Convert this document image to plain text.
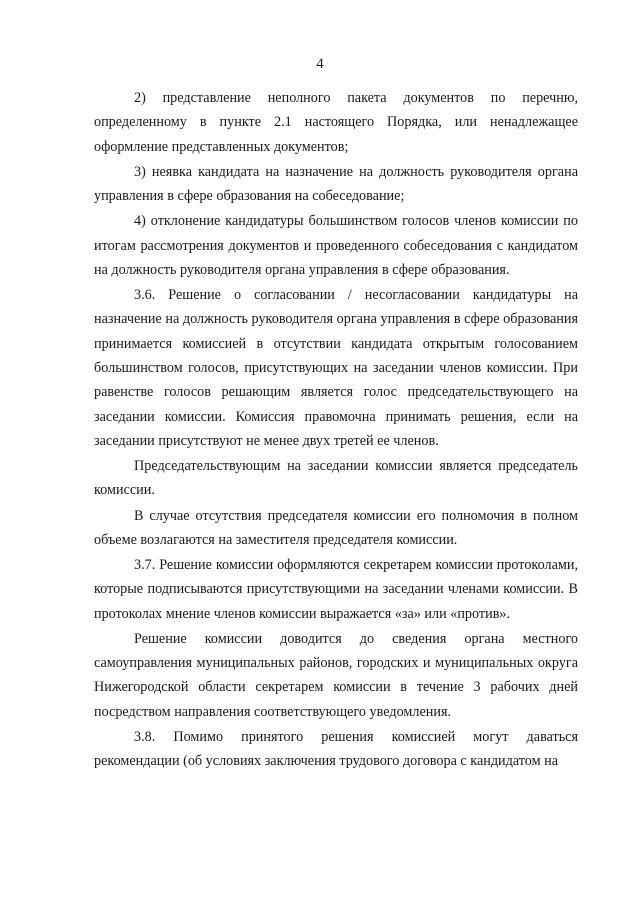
4

2) представление неполного пакета документов по перечню, определенному в пункте 2.1 настоящего Порядка, или ненадлежащее оформление представленных документов;

3) неявка кандидата на назначение на должность руководителя органа управления в сфере образования на собеседование;

4) отклонение кандидатуры большинством голосов членов комиссии по итогам рассмотрения документов и проведенного собеседования с кандидатом на должность руководителя органа управления в сфере образования.

3.6. Решение о согласовании / несогласовании кандидатуры на назначение на должность руководителя органа управления в сфере образования принимается комиссией в отсутствии кандидата открытым голосованием большинством голосов, присутствующих на заседании членов комиссии. При равенстве голосов решающим является голос председательствующего на заседании комиссии. Комиссия правомочна принимать решения, если на заседании присутствуют не менее двух третей ее членов.

Председательствующим на заседании комиссии является председатель комиссии.

В случае отсутствия председателя комиссии его полномочия в полном объеме возлагаются на заместителя председателя комиссии.

3.7. Решение комиссии оформляются секретарем комиссии протоколами, которые подписываются присутствующими на заседании членами комиссии. В протоколах мнение членов комиссии выражается «за» или «против».

Решение комиссии доводится до сведения органа местного самоуправления муниципальных районов, городских и муниципальных округа Нижегородской области секретарем комиссии в течение 3 рабочих дней посредством направления соответствующего уведомления.

3.8. Помимо принятого решения комиссией могут даваться рекомендации (об условиях заключения трудового договора с кандидатом на
